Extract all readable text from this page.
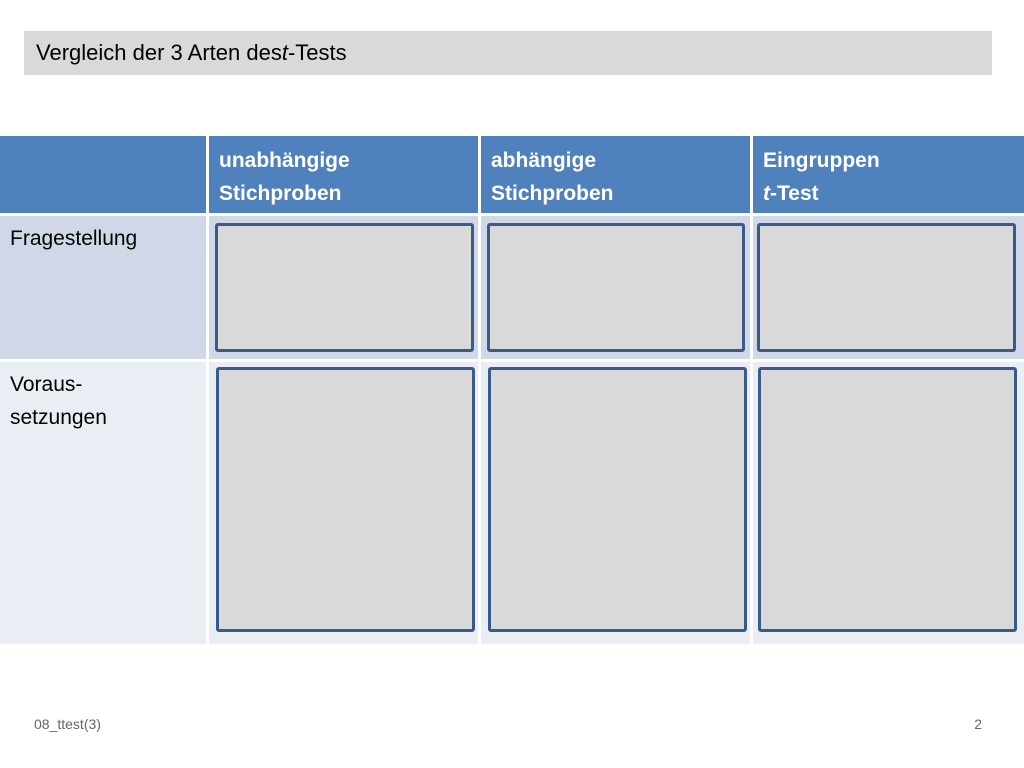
Vergleich der 3 Arten des t -Tests
unabhängige
Stichproben
abhängige
Stichproben
Eingruppen
t-Test
Fragestellung
Voraus-
setzungen
08_ttest(3)	2
